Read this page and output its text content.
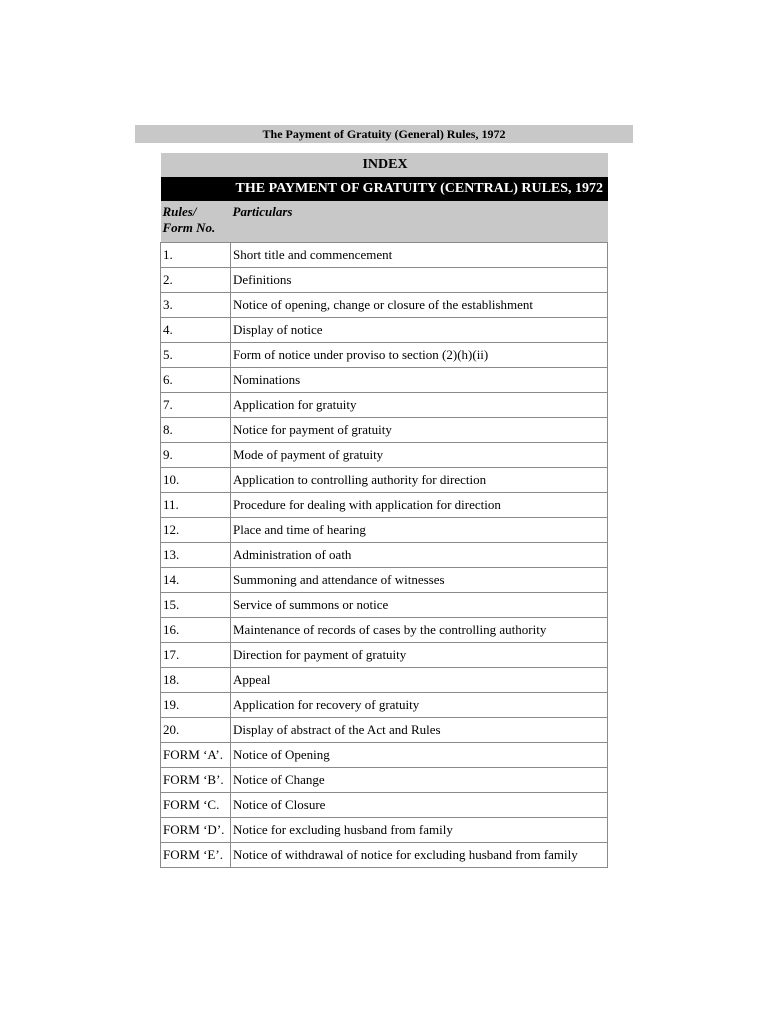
The Payment of Gratuity (General) Rules, 1972
INDEX	
THE PAYMENT OF GRATUITY (CENTRAL) RULES, 1972	
Rules/
Form No.	Particulars
1.	Short title and commencement
2.	Definitions
3.	Notice of opening, change or closure of the establishment
4.	Display of notice
5.	Form of notice under proviso to section (2)(h)(ii)
6.	Nominations
7.	Application for gratuity
8.	Notice for payment of gratuity
9.	Mode of payment of gratuity
10.	Application to controlling authority for direction
11.	Procedure for dealing with application for direction
12.	Place and time of hearing
13.	Administration of oath
14.	Summoning and attendance of witnesses
15.	Service of summons or notice
16.	Maintenance of records of cases by the controlling authority
17.	Direction for payment of gratuity
18.	Appeal
19.	Application for recovery of gratuity
20.	Display of abstract of the Act and Rules
FORM ‘A’.	Notice of Opening
FORM ‘B’.	Notice of Change
FORM ‘C.	Notice of Closure
FORM ‘D’.	Notice for excluding husband from family
FORM ‘E’.	Notice of withdrawal of notice for excluding husband from family
